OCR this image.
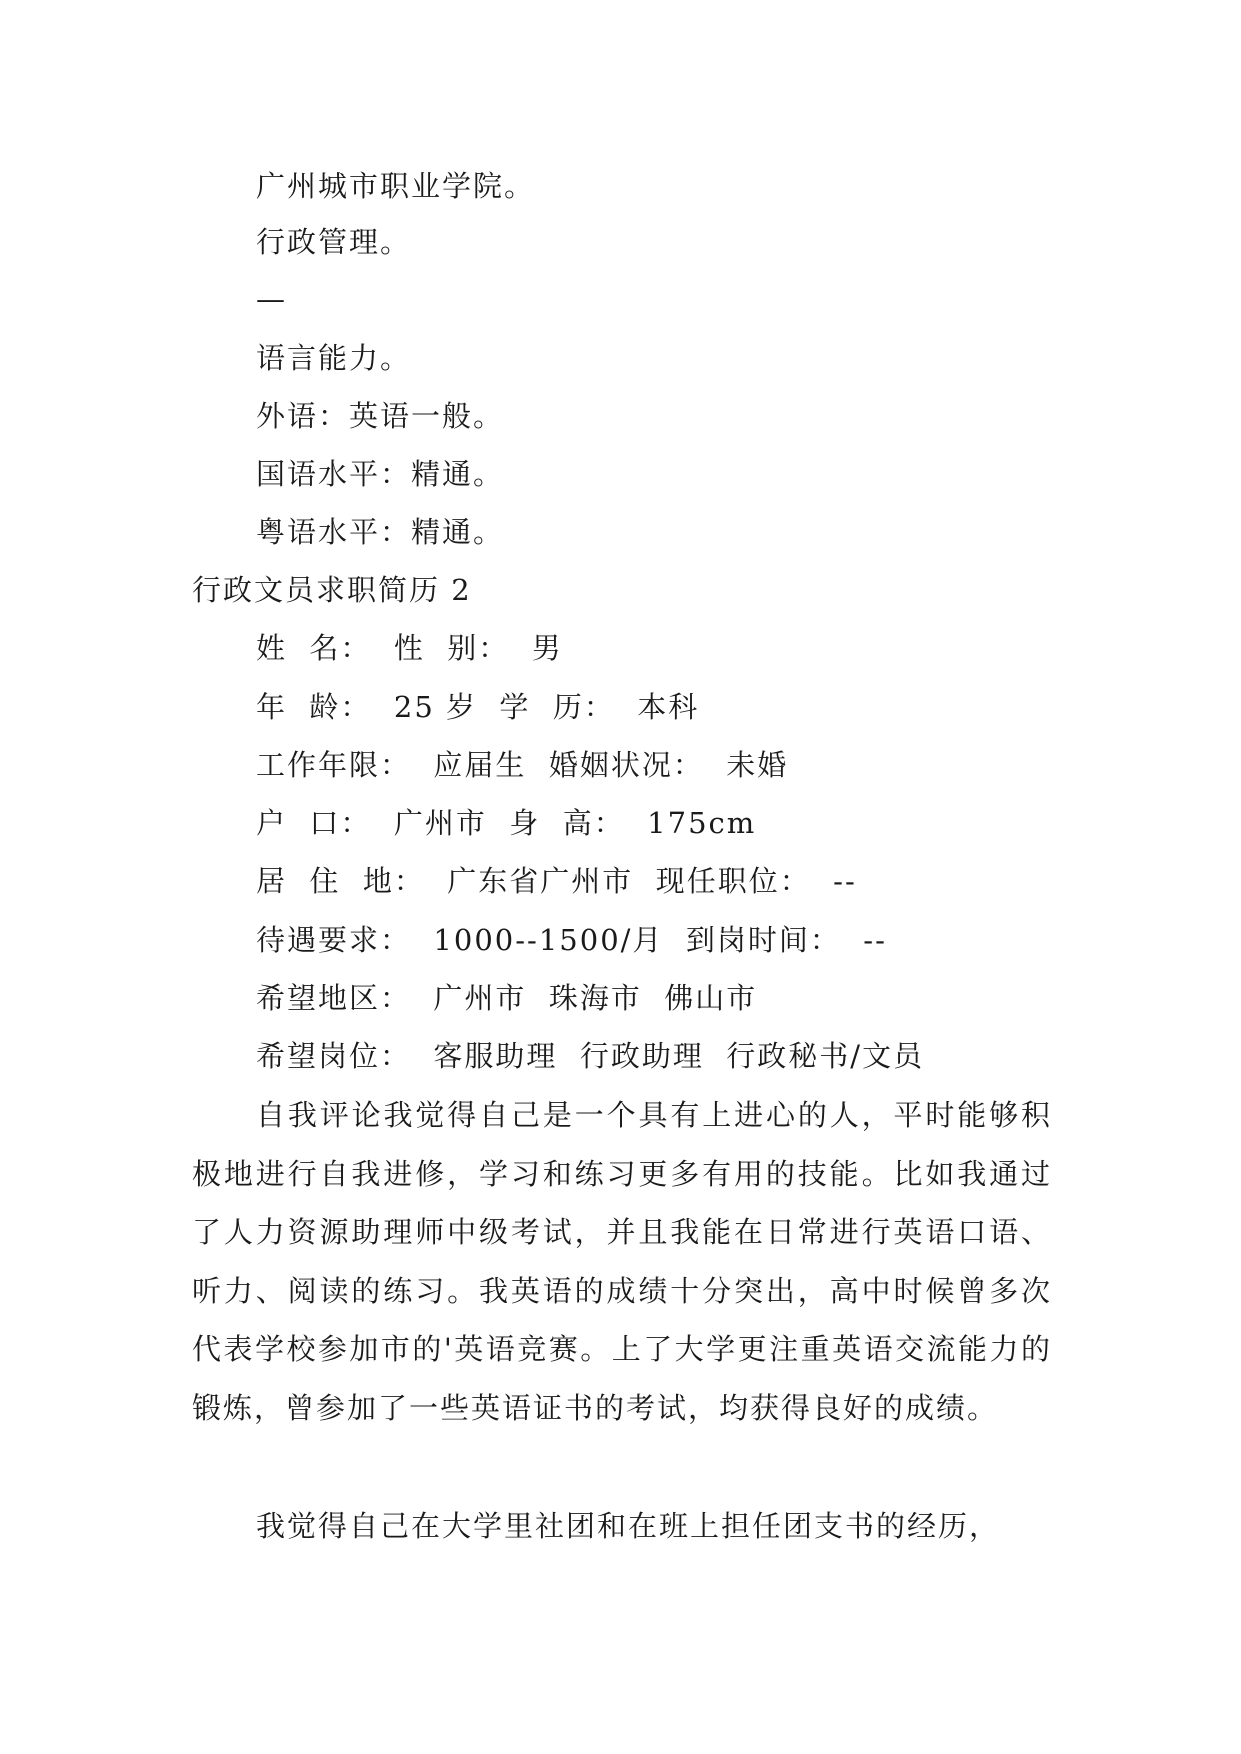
广州城市职业学院。
行政管理。
—
语言能力。
外语：英语一般。
国语水平：精通。
粤语水平：精通。
行政文员求职简历 2
姓  名：  性  别：  男
年  龄：  25 岁  学  历：  本科
工作年限：  应届生  婚姻状况：  未婚
户  口：  广州市  身  高：  175cm
居  住  地：  广东省广州市  现任职位：  --
待遇要求：  1000--1500/月  到岗时间：  --
希望地区：  广州市  珠海市  佛山市
希望岗位：  客服助理  行政助理  行政秘书/文员
自我评论我觉得自己是一个具有上进心的人，平时能够积极地进行自我进修，学习和练习更多有用的技能。比如我通过了人力资源助理师中级考试，并且我能在日常进行英语口语、听力、阅读的练习。我英语的成绩十分突出，高中时候曾多次代表学校参加市的'英语竞赛。上了大学更注重英语交流能力的锻炼，曾参加了一些英语证书的考试，均获得良好的成绩。
我觉得自己在大学里社团和在班上担任团支书的经历，
